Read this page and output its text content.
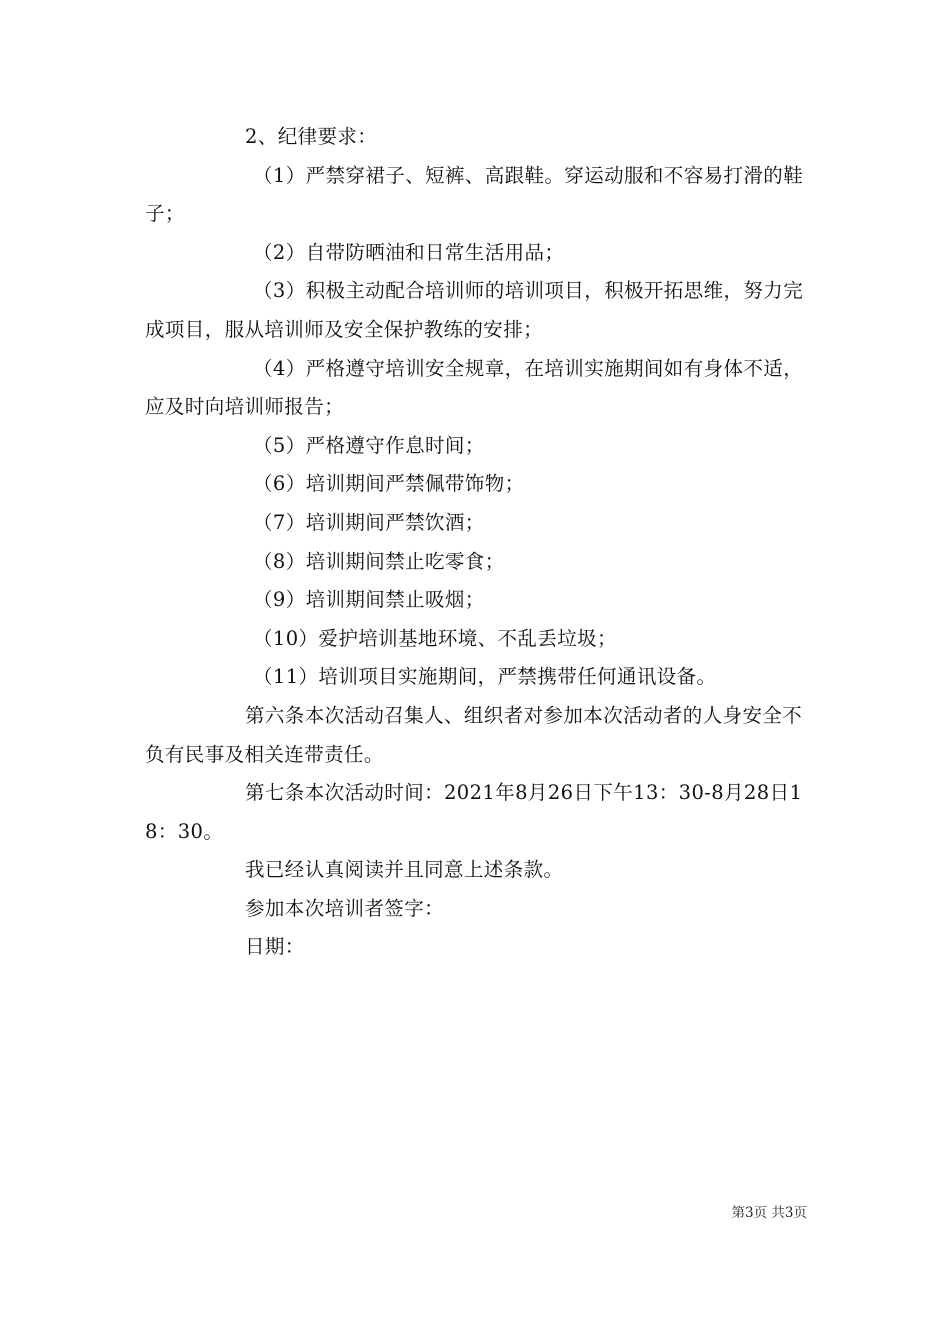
2、纪律要求：

（1）严禁穿裙子、短裤、高跟鞋。穿运动服和不容易打滑的鞋子；

（2）自带防晒油和日常生活用品；

（3）积极主动配合培训师的培训项目，积极开拓思维，努力完成项目，服从培训师及安全保护教练的安排；

（4）严格遵守培训安全规章，在培训实施期间如有身体不适，应及时向培训师报告；

（5）严格遵守作息时间；

（6）培训期间严禁佩带饰物；

（7）培训期间严禁饮酒；

（8）培训期间禁止吃零食；

（9）培训期间禁止吸烟；

（10）爱护培训基地环境、不乱丢垃圾；

（11）培训项目实施期间，严禁携带任何通讯设备。

第六条本次活动召集人、组织者对参加本次活动者的人身安全不负有民事及相关连带责任。

第七条本次活动时间：2021年8月26日下午13：30-8月28日18：30。

我已经认真阅读并且同意上述条款。

参加本次培训者签字：

日期：

第3页 共3页
